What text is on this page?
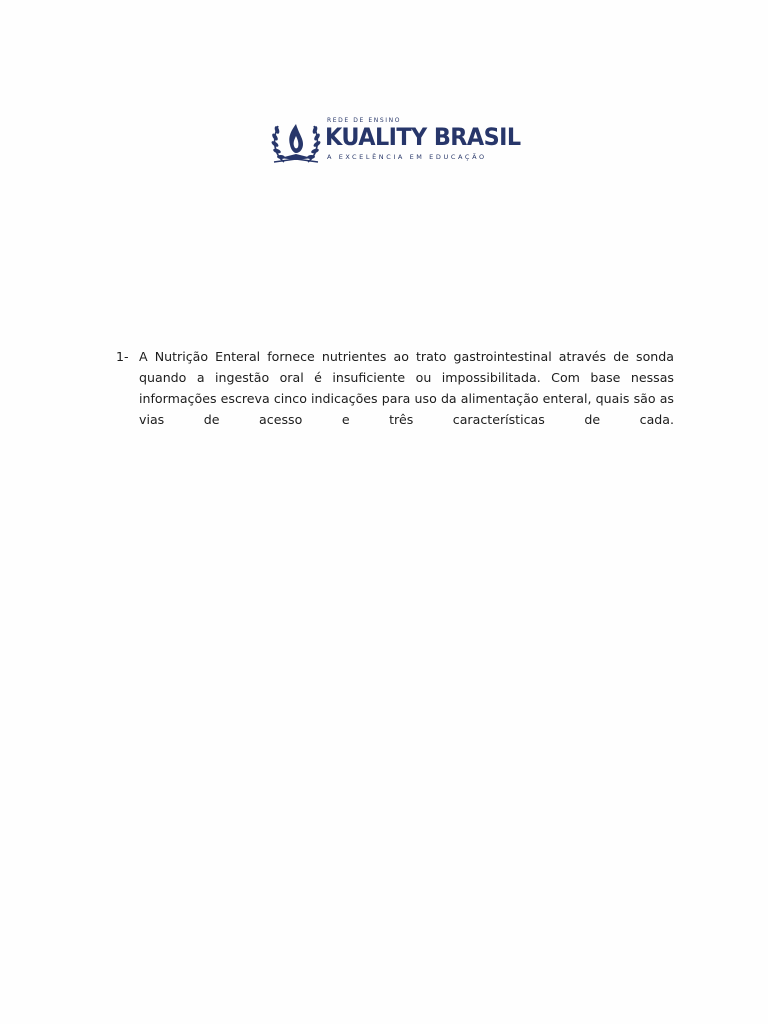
REDE DE ENSINO
KUALITY BRASIL
A EXCELÊNCIA EM EDUCAÇÃO
1- A Nutrição Enteral fornece nutrientes ao trato gastrointestinal através de sonda quando a ingestão oral é insuficiente ou impossibilitada. Com base nessas informações escreva cinco indicações para uso da alimentação enteral, quais são as vias de acesso e três características de cada.
